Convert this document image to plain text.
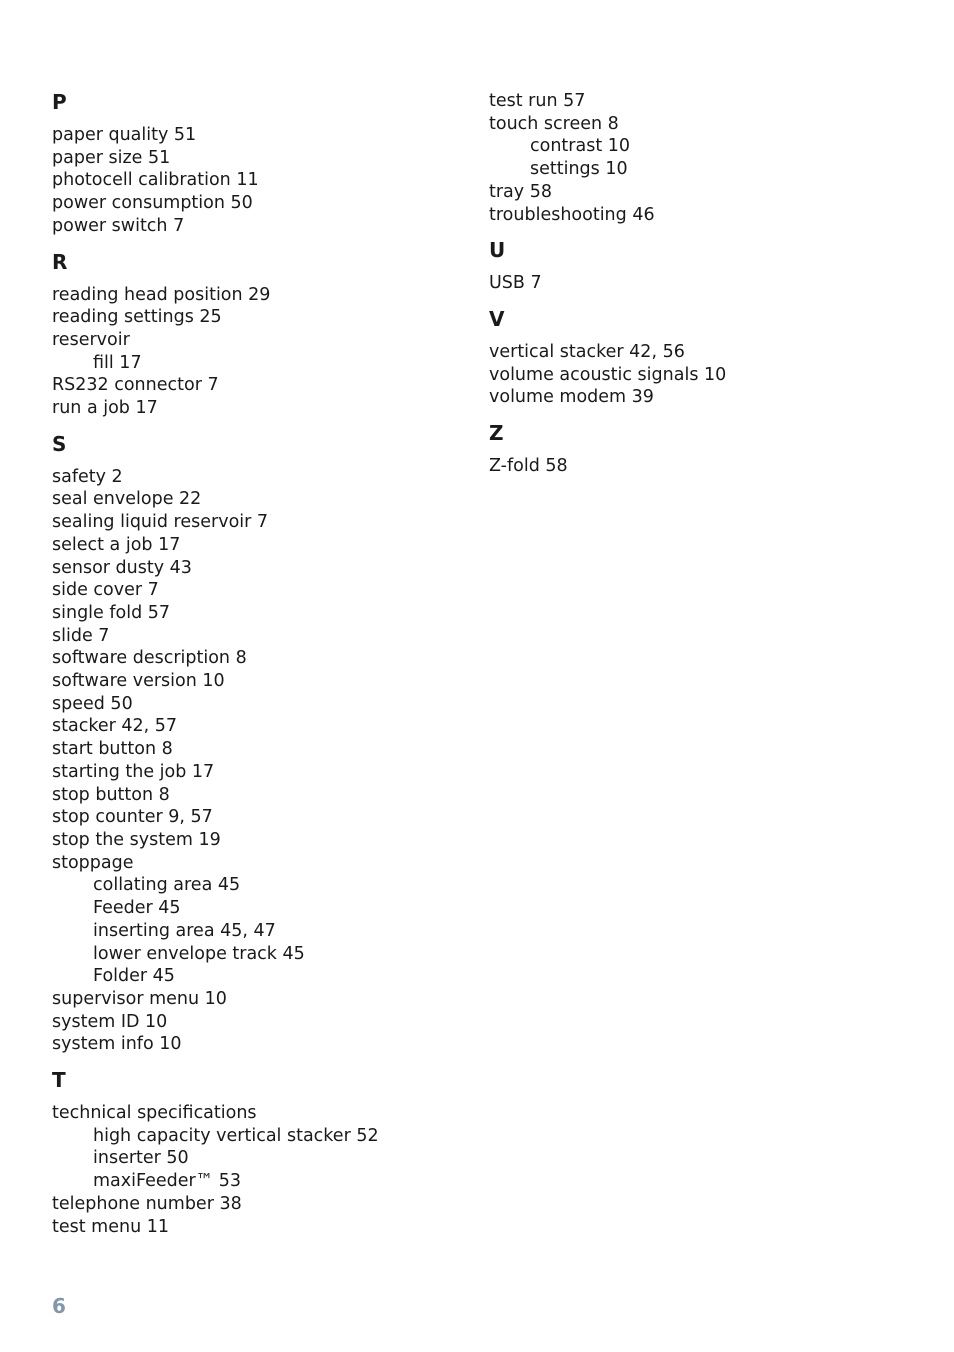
P
paper quality 51
paper size 51
photocell calibration 11
power consumption 50
power switch 7
R
reading head position 29
reading settings 25
reservoir
fill 17
RS232 connector 7
run a job 17
S
safety 2
seal envelope 22
sealing liquid reservoir 7
select a job 17
sensor dusty 43
side cover 7
single fold 57
slide 7
software description 8
software version 10
speed 50
stacker 42, 57
start button 8
starting the job 17
stop button 8
stop counter 9, 57
stop the system 19
stoppage
collating area 45
Feeder 45
inserting area 45, 47
lower envelope track 45
Folder 45
supervisor menu 10
system ID 10
system info 10
T
technical specifications
high capacity vertical stacker 52
inserter 50
maxiFeeder™ 53
telephone number 38
test menu 11
test run 57
touch screen 8
contrast 10
settings 10
tray 58
troubleshooting 46
U
USB 7
V
vertical stacker 42, 56
volume acoustic signals 10
volume modem 39
Z
Z-fold 58
6
